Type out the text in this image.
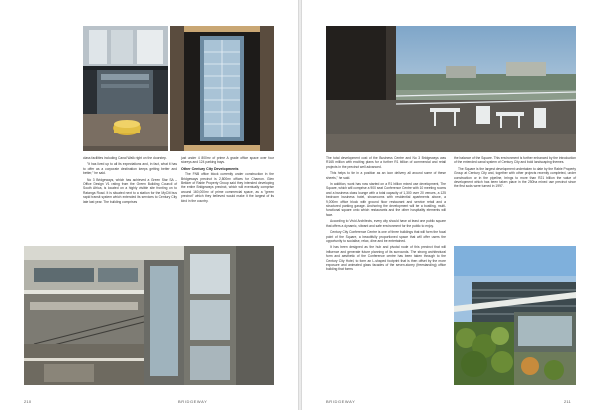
class facilities including Canal Walk right on the doorstep.

"It has lived up to all its expectations and, in fact, what it has to offer as a corporate destination keeps getting better and better," he said.

No 3 Bridgeways, which has achieved a Green Star SA – Office Design V1 rating from the Green Building Council of South Africa, is located on a highly visible site fronting on to Ratanga Road. It is situated next to a station for the MyCiti bus rapid transit system which extended its services to Century City late last year. The building comprises

just under 4 800m² of prime A grade office space over four storeys and 124 parking bays.

Other Century City Developments

The FNB office block currently under construction in the Bridgeways precinct is 2,800m² offices for Chamon. Glen Bekker of Rabie Property Group said they intended developing the entire Bridgeways precinct, which will eventually comprise around 160,000m² of prime commercial space, as a "green precinct" which they believed would make it the largest of its kind in the country.

210	BRIDGEWAY

The total development cost of the Business Centre and No 3 Bridgeways was R165 million with exciting plans for a further R1 billion of commercial and retail projects in the precinct well advanced.

This helps to tie in a position as an icon delivery all around some of these sheets," he said.

In addition, work has now started on a R1 billion mixed use development, The Square, which will comprise a 900 seat Conference Centre with 10 meeting rooms and a business class lounge with a total capacity of 1,300 over 20 venues, a 125 bedroom business hotel, showrooms with residential apartments above, a 9,000m² office block with ground floor restaurant and service retail and a structured parking garage. Anchoring the development will be a bustling, multi-functional square onto which restaurants and the other hospitality elements will face.

According to Vivid Architects, every city should have at least one public square that offers a dynamic, vibrant and safe environment for the public to enjoy.

Century City Conference Centre is one of three buildings that will form the focal point of the Square, a beautifully proportioned space that will offer users the opportunity to socialise, relax, dine and be entertained.

It has been designed as the hub and pivotal node of this precinct that will influence and generate future planning of its surrounds. The strong architectural form and aesthetic of the Conference centre has been taken through to the Century City Hotel, to form an L-shaped footprint that is then offset by the more exposure and animated glass facades of the seven-storey (freestanding) office building that forms

the balance of the Square. This environment is further enhanced by the introduction of the extended canal system of Century City and bold landscaping themes.

The Square is the largest development undertaken to date by the Rabie Property Group at Century City and, together with other projects recently completed, under construction or in the pipeline, brings to more than R21 billion the value of development which has been taken place in the 250ha mixed use precinct since the first sods were turned in 1997.

BRIDGEWAY	211
